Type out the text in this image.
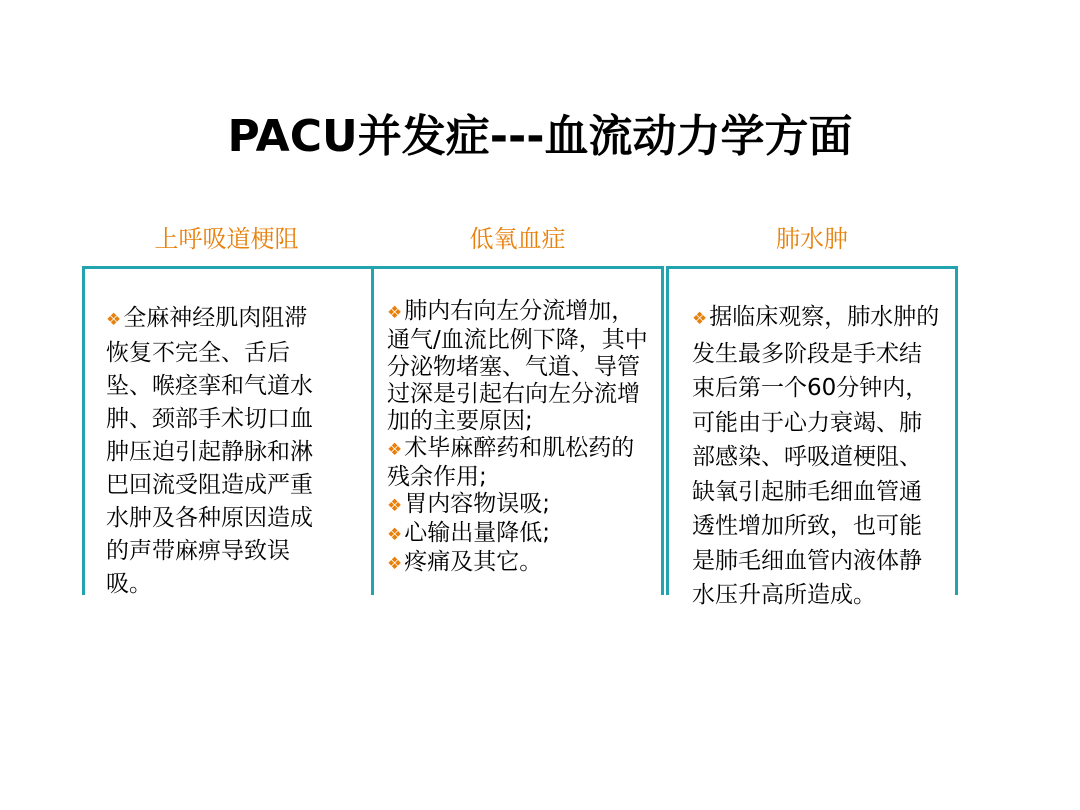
PACU并发症---血流动力学方面
上呼吸道梗阻
❖全麻神经肌肉阻滞恢复不完全、舌后坠、喉痉挛和气道水肿、颈部手术切口血肿压迫引起静脉和淋巴回流受阻造成严重水肿及各种原因造成的声带麻痹导致误吸。
低氧血症
❖肺内右向左分流增加，通气/血流比例下降，其中分泌物堵塞、气道、导管过深是引起右向左分流增加的主要原因;
❖术毕麻醉药和肌松药的残余作用;
❖胃内容物误吸;
❖心输出量降低;
❖疼痛及其它。
肺水肿
❖据临床观察，肺水肿的发生最多阶段是手术结束后第一个60分钟内，可能由于心力衰竭、肺部感染、呼吸道梗阻、缺氧引起肺毛细血管通透性增加所致，也可能是肺毛细血管内液体静水压升高所造成。
